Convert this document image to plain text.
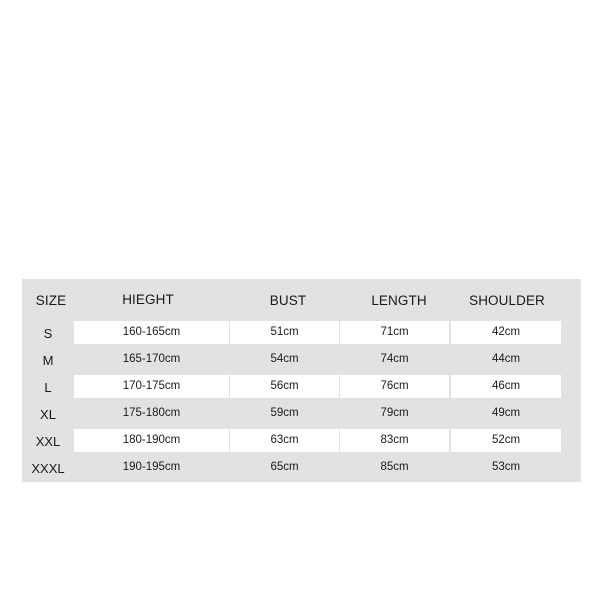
SIZE	HIEGHT	BUST	LENGTH	SHOULDER
S	160-165cm	51cm	71cm	42cm
M	165-170cm	54cm	74cm	44cm
L	170-175cm	56cm	76cm	46cm
XL	175-180cm	59cm	79cm	49cm
XXL	180-190cm	63cm	83cm	52cm
XXXL	190-195cm	65cm	85cm	53cm
